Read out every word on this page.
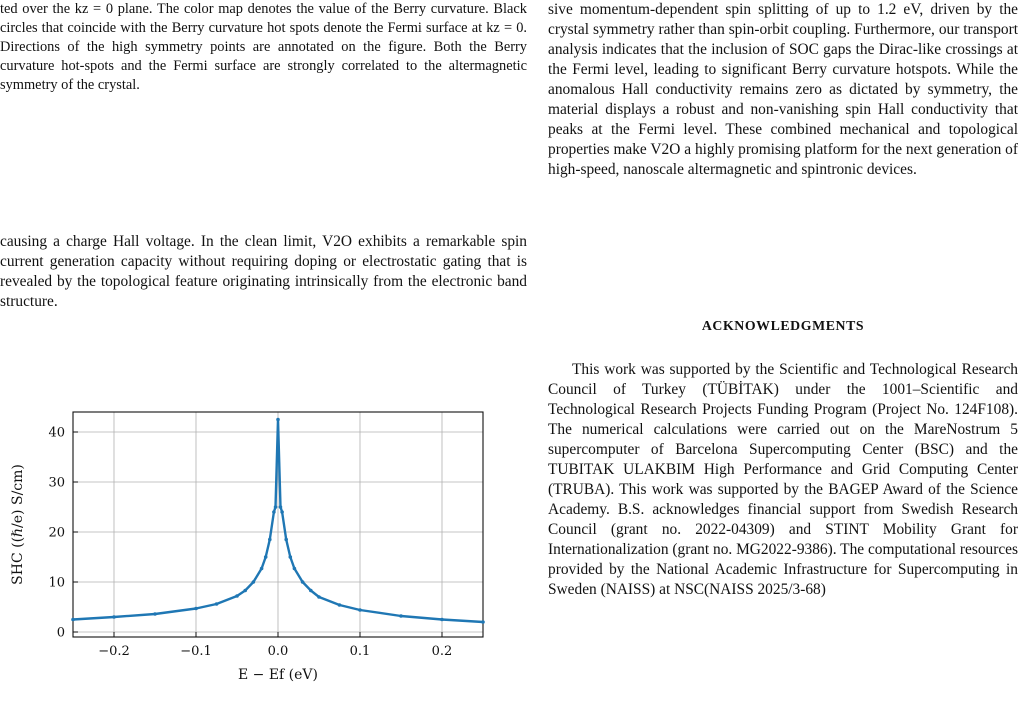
ted over the kz = 0 plane. The color map denotes the value of the Berry curvature. Black circles that coincide with the Berry curvature hot spots denote the Fermi surface at kz = 0. Directions of the high symmetry points are annotated on the figure. Both the Berry curvature hot-spots and the Fermi surface are strongly correlated to the altermagnetic symmetry of the crystal.

causing a charge Hall voltage. In the clean limit, V2O exhibits a remarkable spin current generation capacity without requiring doping or electrostatic gating that is revealed by the topological feature originating intrinsically from the electronic band structure.

−0.2	−0.1	0.0	0.1	0.2
0
10
20
30
40
E − Ef (eV)
SHC ((ℏ/e) S/cm)

sive momentum-dependent spin splitting of up to 1.2 eV, driven by the crystal symmetry rather than spin-orbit coupling. Furthermore, our transport analysis indicates that the inclusion of SOC gaps the Dirac-like crossings at the Fermi level, leading to significant Berry curvature hotspots. While the anomalous Hall conductivity remains zero as dictated by symmetry, the material displays a robust and non-vanishing spin Hall conductivity that peaks at the Fermi level. These combined mechanical and topological properties make V2O a highly promising platform for the next generation of high-speed, nanoscale altermagnetic and spintronic devices.

ACKNOWLEDGMENTS

This work was supported by the Scientific and Technological Research Council of Turkey (TÜBİTAK) under the 1001–Scientific and Technological Research Projects Funding Program (Project No. 124F108). The numerical calculations were carried out on the MareNostrum 5 supercomputer of Barcelona Supercomputing Center (BSC) and the TUBITAK ULAKBIM High Performance and Grid Computing Center (TRUBA). This work was supported by the BAGEP Award of the Science Academy. B.S. acknowledges financial support from Swedish Research Council (grant no. 2022-04309) and STINT Mobility Grant for Internationalization (grant no. MG2022-9386). The computational resources provided by the National Academic Infrastructure for Supercomputing in Sweden (NAISS) at NSC(NAISS 2025/3-68)
